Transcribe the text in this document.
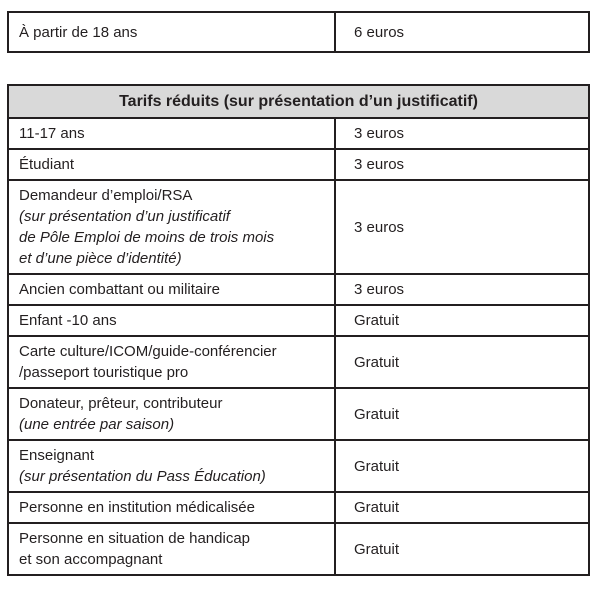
À partir de 18 ans	6 euros
Tarifs réduits (sur présentation d’un justificatif)	

11-17 ans	3 euros

Étudiant	3 euros

Demandeur d’emploi/RSA
(sur présentation d’un justificatif
de Pôle Emploi de moins de trois mois
et d’une pièce d’identité)	3 euros

Ancien combattant ou militaire	3 euros

Enfant -10 ans	Gratuit

Carte culture/ICOM/guide-conférencier
/passeport touristique pro	Gratuit

Donateur, prêteur, contributeur
(une entrée par saison)	Gratuit

Enseignant
(sur présentation du Pass Éducation)	Gratuit

Personne en institution médicalisée	Gratuit

Personne en situation de handicap
et son accompagnant	Gratuit
